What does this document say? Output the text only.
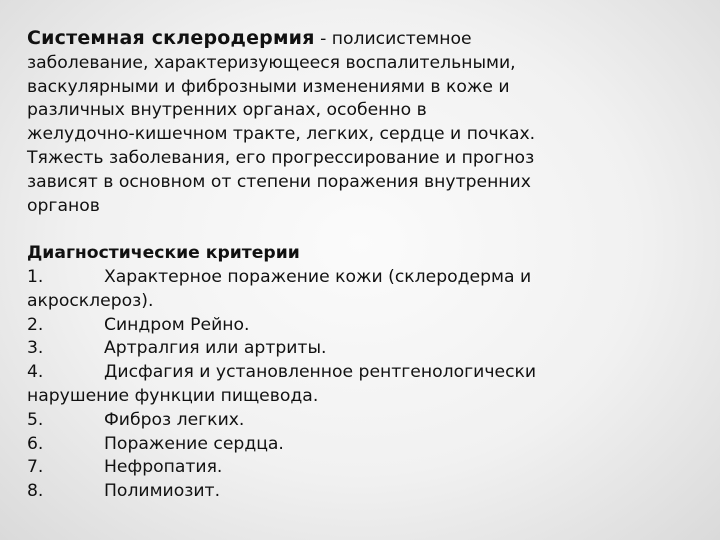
Системная склеродермия - полисистемное
заболевание, характеризующееся воспалительными,
васкулярными и фиброзными изменениями в коже и
различных внутренних органах, особенно в
желудочно-кишечном тракте, легких, сердце и почках.
Тяжесть заболевания, его прогрессирование и прогноз
зависят в основном от степени поражения внутренних
органов
Диагностические критерии
1.	Характерное поражение кожи (склеродерма и
акросклероз).
2.	Синдром Рейно.
3.	Артралгия или артриты.
4.	Дисфагия и установленное рентгенологически
нарушение функции пищевода.
5.	Фиброз легких.
6.	Поражение сердца.
7.	Нефропатия.
8.	Полимиозит.
